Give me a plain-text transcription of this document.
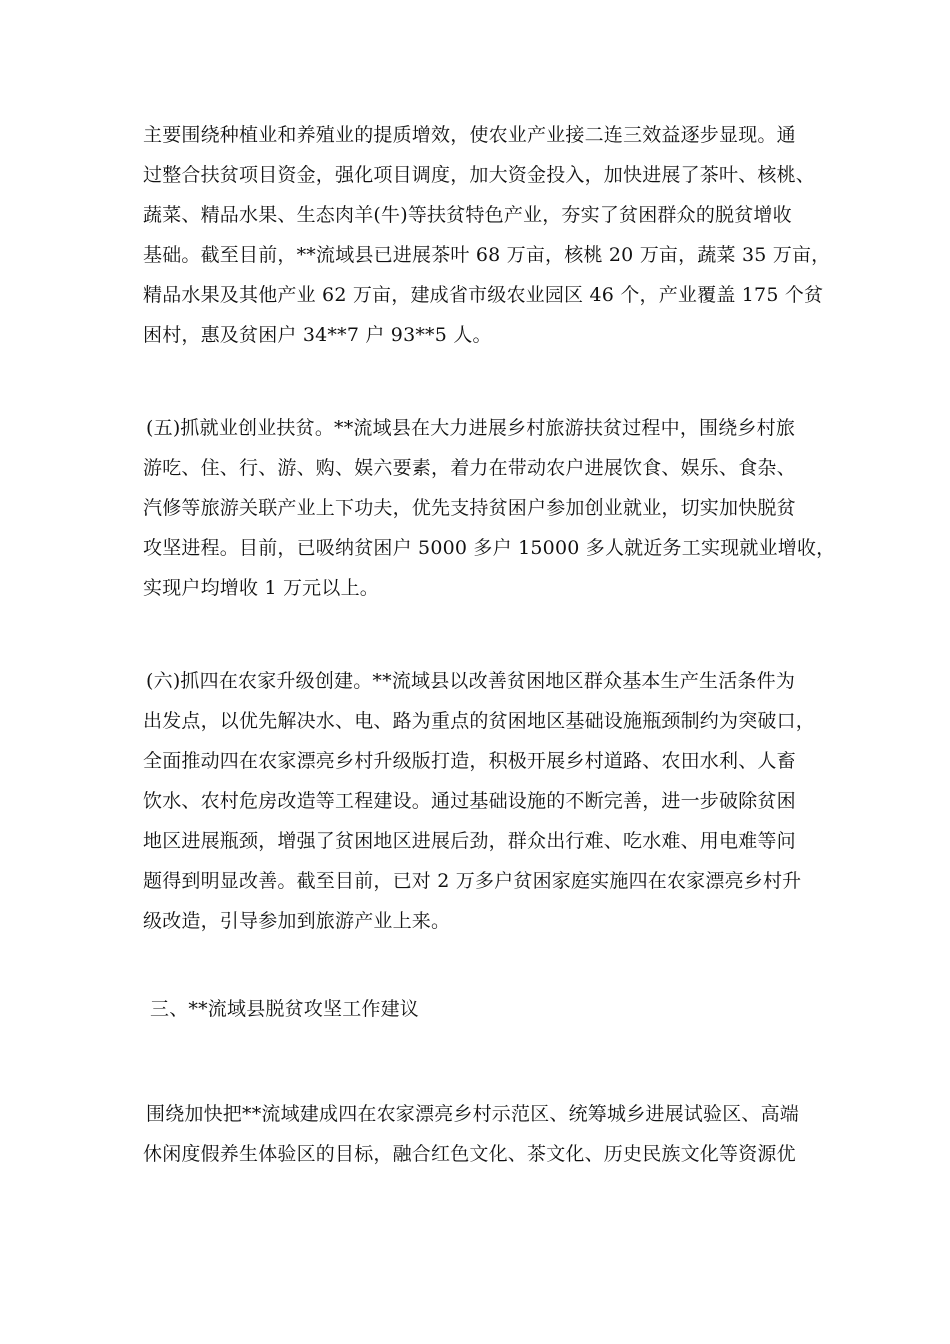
主要围绕种植业和养殖业的提质增效，使农业产业接二连三效益逐步显现。通
过整合扶贫项目资金，强化项目调度，加大资金投入，加快进展了茶叶、核桃、
蔬菜、精品水果、生态肉羊(牛)等扶贫特色产业，夯实了贫困群众的脱贫增收
基础。截至目前，**流域县已进展茶叶 68 万亩，核桃 20 万亩，蔬菜 35 万亩，
精品水果及其他产业 62 万亩，建成省市级农业园区 46 个，产业覆盖 175 个贫
困村，惠及贫困户 34**7 户 93**5 人。
(五)抓就业创业扶贫。**流域县在大力进展乡村旅游扶贫过程中，围绕乡村旅
游吃、住、行、游、购、娱六要素，着力在带动农户进展饮食、娱乐、食杂、
汽修等旅游关联产业上下功夫，优先支持贫困户参加创业就业，切实加快脱贫
攻坚进程。目前，已吸纳贫困户 5000 多户 15000 多人就近务工实现就业增收，
实现户均增收 1 万元以上。
(六)抓四在农家升级创建。**流域县以改善贫困地区群众基本生产生活条件为
出发点，以优先解决水、电、路为重点的贫困地区基础设施瓶颈制约为突破口，
全面推动四在农家漂亮乡村升级版打造，积极开展乡村道路、农田水利、人畜
饮水、农村危房改造等工程建设。通过基础设施的不断完善，进一步破除贫困
地区进展瓶颈，增强了贫困地区进展后劲，群众出行难、吃水难、用电难等问
题得到明显改善。截至目前，已对 2 万多户贫困家庭实施四在农家漂亮乡村升
级改造，引导参加到旅游产业上来。
三、**流域县脱贫攻坚工作建议
围绕加快把**流域建成四在农家漂亮乡村示范区、统筹城乡进展试验区、高端
休闲度假养生体验区的目标，融合红色文化、茶文化、历史民族文化等资源优
